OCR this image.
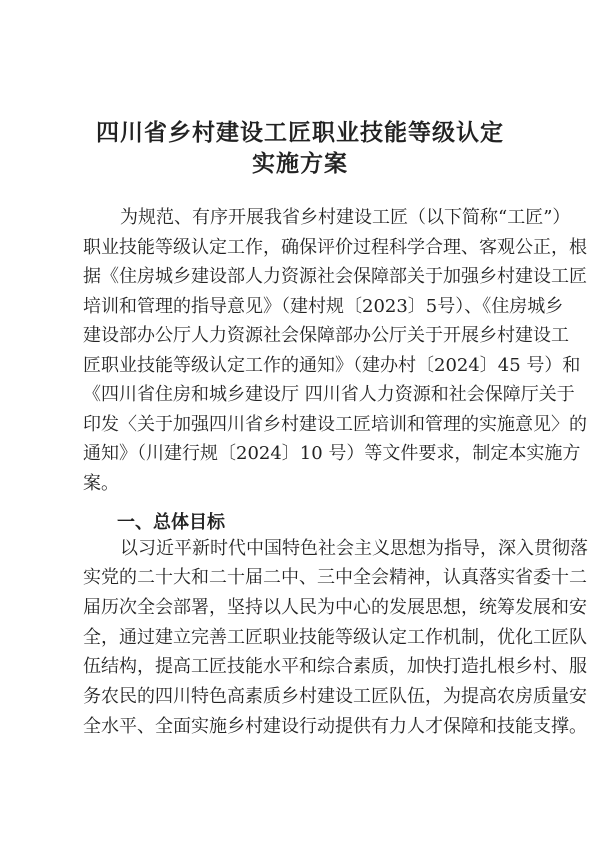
四川省乡村建设工匠职业技能等级认定
实施方案
为规范、有序开展我省乡村建设工匠（以下简称“工匠”）
职业技能等级认定工作，确保评价过程科学合理、客观公正，根
据《住房城乡建设部人力资源社会保障部关于加强乡村建设工匠
培训和管理的指导意见》（建村规〔2023〕5号）、《住房城乡
建设部办公厅人力资源社会保障部办公厅关于开展乡村建设工
匠职业技能等级认定工作的通知》（建办村〔2024〕45 号）和
《四川省住房和城乡建设厅 四川省人力资源和社会保障厅关于
印发〈关于加强四川省乡村建设工匠培训和管理的实施意见〉的
通知》（川建行规〔2024〕10 号）等文件要求，制定本实施方
案。
一、总体目标
以习近平新时代中国特色社会主义思想为指导，深入贯彻落
实党的二十大和二十届二中、三中全会精神，认真落实省委十二
届历次全会部署，坚持以人民为中心的发展思想，统筹发展和安
全，通过建立完善工匠职业技能等级认定工作机制，优化工匠队
伍结构，提高工匠技能水平和综合素质，加快打造扎根乡村、服
务农民的四川特色高素质乡村建设工匠队伍，为提高农房质量安
全水平、全面实施乡村建设行动提供有力人才保障和技能支撑。
